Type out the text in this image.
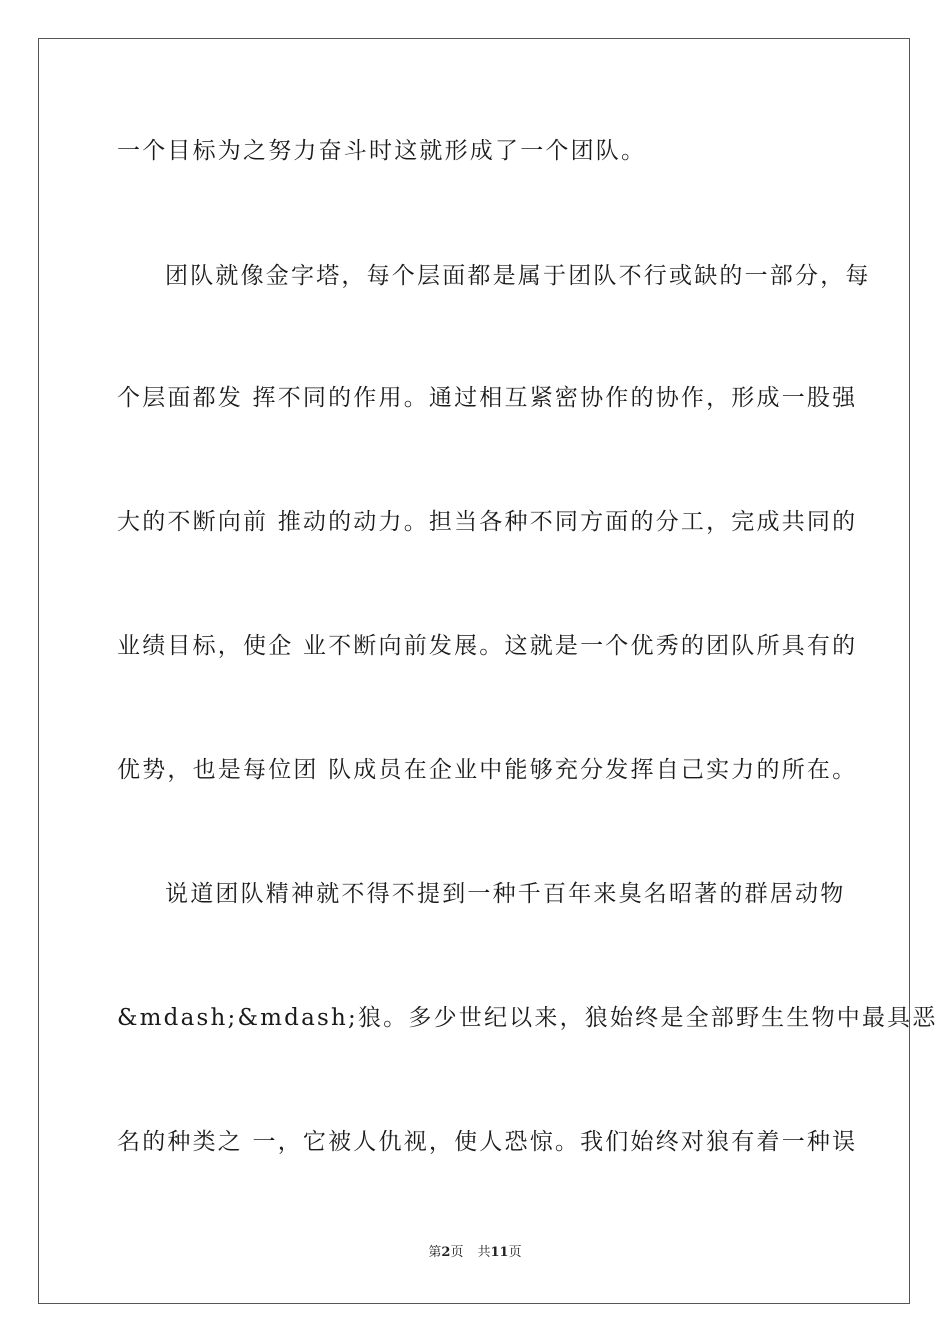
一个目标为之努力奋斗时这就形成了一个团队。
团队就像金字塔，每个层面都是属于团队不行或缺的一部分，每
个层面都发 挥不同的作用。通过相互紧密协作的协作，形成一股强
大的不断向前 推动的动力。担当各种不同方面的分工，完成共同的
业绩目标，使企 业不断向前发展。这就是一个优秀的团队所具有的
优势，也是每位团 队成员在企业中能够充分发挥自己实力的所在。
说道团队精神就不得不提到一种千百年来臭名昭著的群居动物
&mdash;&mdash;狼。多少世纪以来，狼始终是全部野生生物中最具恶
名的种类之 一，它被人仇视，使人恐惊。我们始终对狼有着一种误
第2页 共11页
